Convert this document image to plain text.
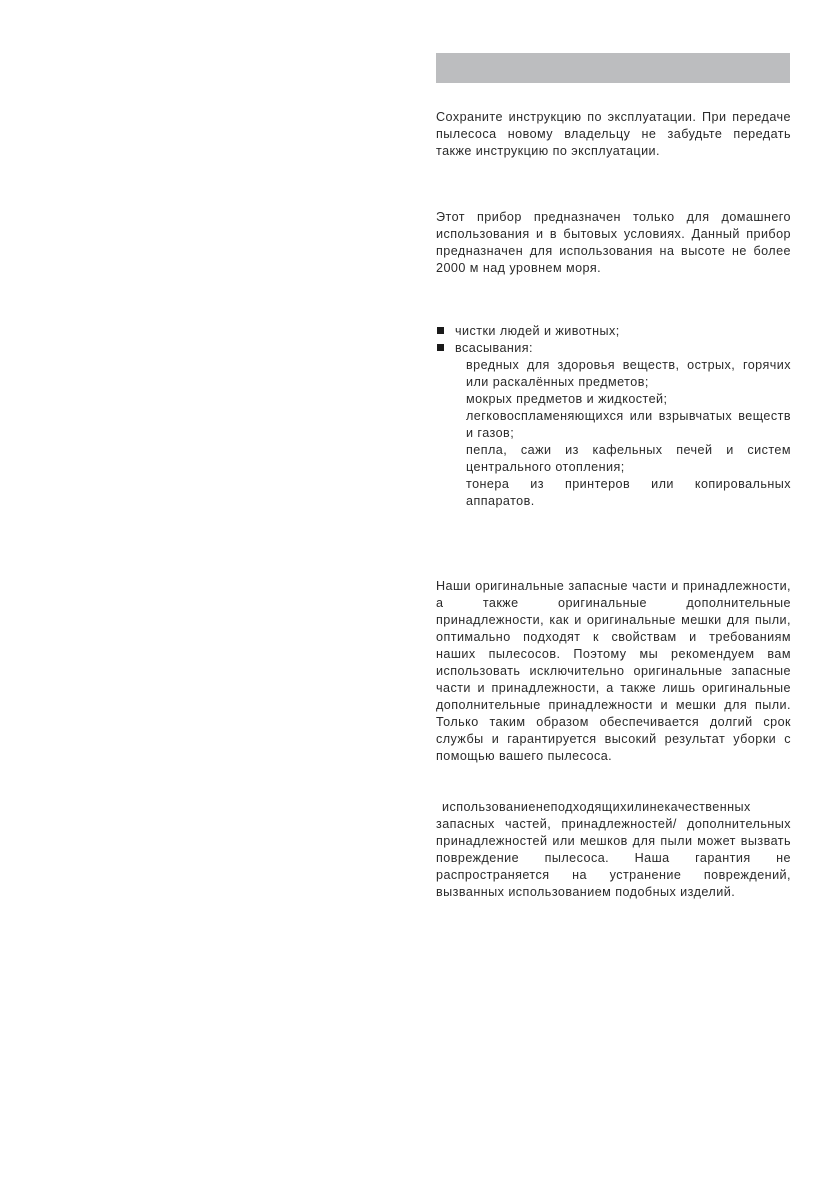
Сохраните инструкцию по эксплуатации. При передаче пылесоса новому владельцу не забудьте передать также инструкцию по эксплуатации.

Этот прибор предназначен только для домашнего использования и в бытовых условиях. Данный прибор предназначен для использования на высоте не более 2000 м над уровнем моря.

чистки людей и животных;
всасывания:
вредных для здоровья веществ, острых, горячих или раскалённых предметов;
мокрых предметов и жидкостей;
легковоспламеняющихся или взрывчатых веществ и газов;
пепла, сажи из кафельных печей и систем центрального отопления;
тонера из принтеров или копировальных аппаратов.

Наши оригинальные запасные части и принадлежности, а также оригинальные дополнительные принадлежности, как и оригинальные мешки для пыли, оптимально подходят к свойствам и требованиям наших пылесосов. Поэтому мы рекомендуем вам использовать исключительно оригинальные запасные части и принадлежности, а также лишь оригинальные дополнительные принадлежности и мешки для пыли. Только таким образом обеспечивается долгий срок службы и гарантируется высокий результат уборки с помощью вашего пылесоса.

использованиенеподходящихилинекачественных запасных частей, принадлежностей/ дополнительных принадлежностей или мешков для пыли может вызвать повреждение пылесоса. Наша гарантия не распространяется на устранение повреждений, вызванных использованием подобных изделий.
